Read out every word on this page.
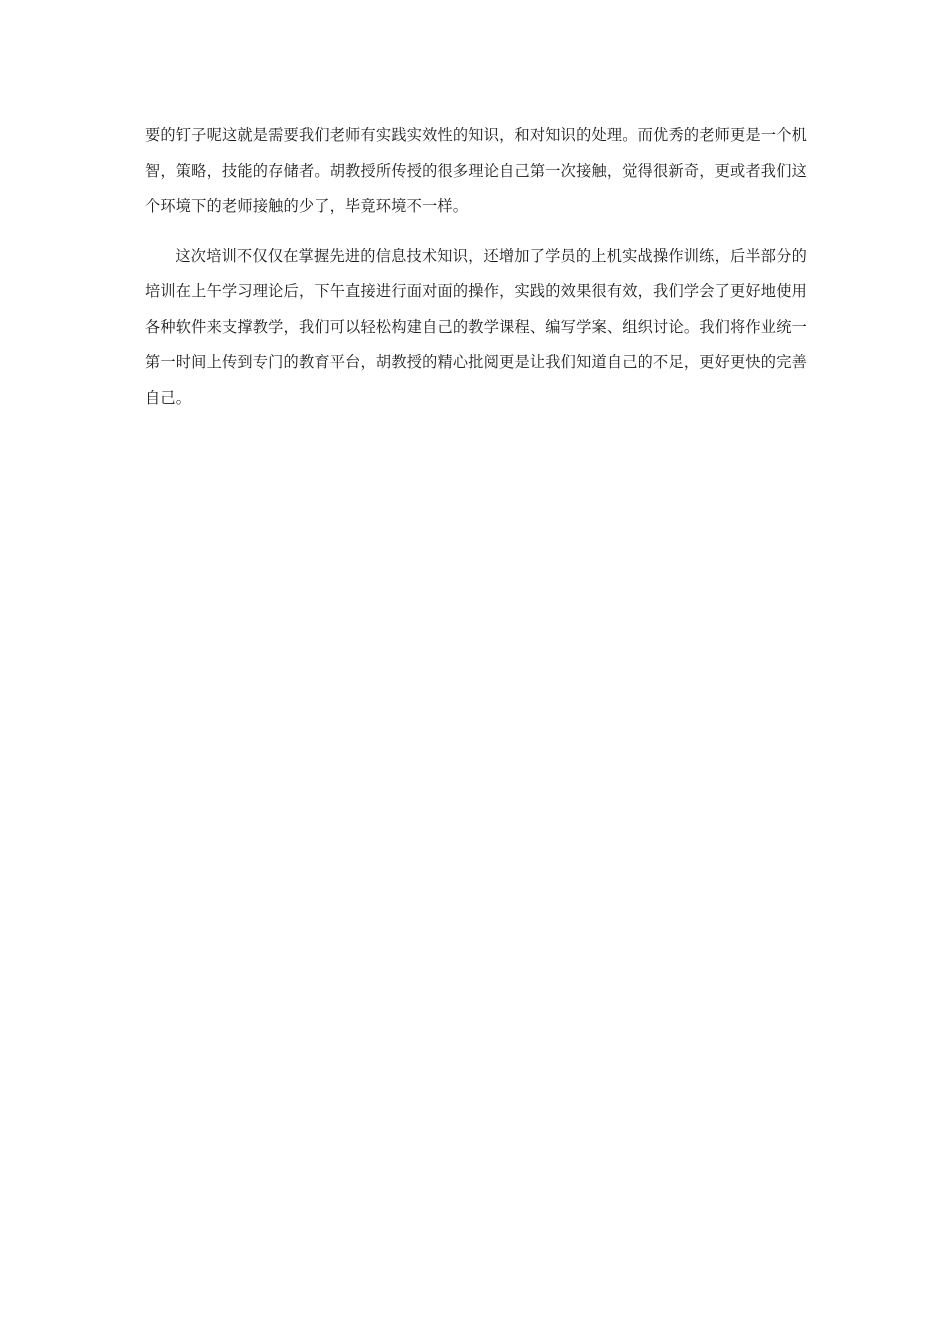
要的钉子呢这就是需要我们老师有实践实效性的知识，和对知识的处理。而优秀的老师更是一个机智，策略，技能的存储者。胡教授所传授的很多理论自己第一次接触，觉得很新奇，更或者我们这个环境下的老师接触的少了，毕竟环境不一样。

这次培训不仅仅在掌握先进的信息技术知识，还增加了学员的上机实战操作训练，后半部分的培训在上午学习理论后，下午直接进行面对面的操作，实践的效果很有效，我们学会了更好地使用各种软件来支撑教学，我们可以轻松构建自己的教学课程、编写学案、组织讨论。我们将作业统一第一时间上传到专门的教育平台，胡教授的精心批阅更是让我们知道自己的不足，更好更快的完善自己。
